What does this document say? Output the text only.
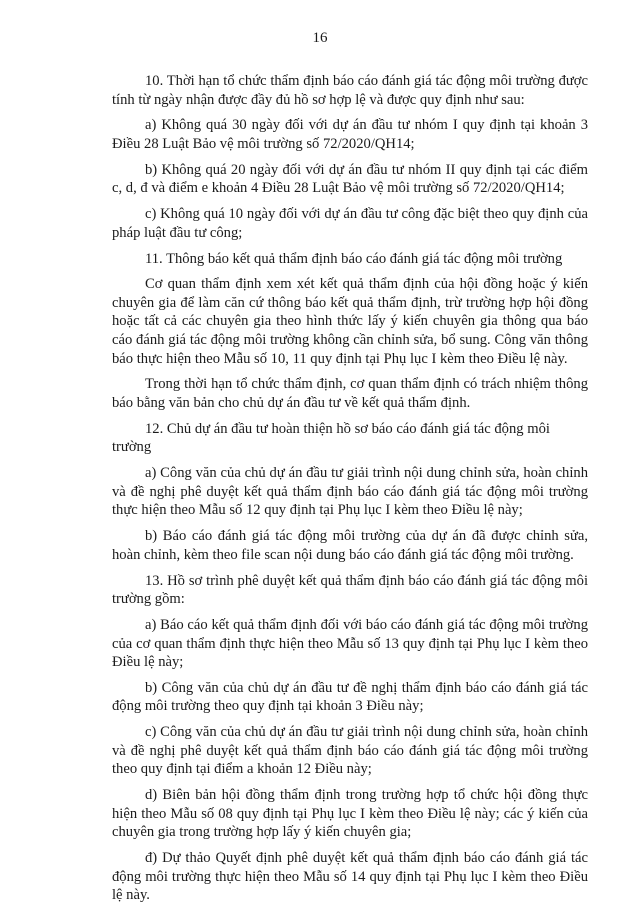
16

10. Thời hạn tổ chức thẩm định báo cáo đánh giá tác động môi trường được tính từ ngày nhận được đầy đủ hồ sơ hợp lệ và được quy định như sau:

a) Không quá 30 ngày đối với dự án đầu tư nhóm I quy định tại khoản 3 Điều 28 Luật Bảo vệ môi trường số 72/2020/QH14;

b) Không quá 20 ngày đối với dự án đầu tư nhóm II quy định tại các điểm c, d, đ và điểm e khoản 4 Điều 28 Luật Bảo vệ môi trường số 72/2020/QH14;

c) Không quá 10 ngày đối với dự án đầu tư công đặc biệt theo quy định của pháp luật đầu tư công;

11. Thông báo kết quả thẩm định báo cáo đánh giá tác động môi trường

Cơ quan thẩm định xem xét kết quả thẩm định của hội đồng hoặc ý kiến chuyên gia để làm căn cứ thông báo kết quả thẩm định, trừ trường hợp hội đồng hoặc tất cả các chuyên gia theo hình thức lấy ý kiến chuyên gia thông qua báo cáo đánh giá tác động môi trường không cần chỉnh sửa, bổ sung. Công văn thông báo thực hiện theo Mẫu số 10, 11 quy định tại Phụ lục I kèm theo Điều lệ này.

Trong thời hạn tổ chức thẩm định, cơ quan thẩm định có trách nhiệm thông báo bằng văn bản cho chủ dự án đầu tư về kết quả thẩm định.

12. Chủ dự án đầu tư hoàn thiện hồ sơ báo cáo đánh giá tác động môi trường

a) Công văn của chủ dự án đầu tư giải trình nội dung chỉnh sửa, hoàn chỉnh và đề nghị phê duyệt kết quả thẩm định báo cáo đánh giá tác động môi trường thực hiện theo Mẫu số 12 quy định tại Phụ lục I kèm theo Điều lệ này;

b) Báo cáo đánh giá tác động môi trường của dự án đã được chỉnh sửa, hoàn chỉnh, kèm theo file scan nội dung báo cáo đánh giá tác động môi trường.

13. Hồ sơ trình phê duyệt kết quả thẩm định báo cáo đánh giá tác động môi trường gồm:

a) Báo cáo kết quả thẩm định đối với báo cáo đánh giá tác động môi trường của cơ quan thẩm định thực hiện theo Mẫu số 13 quy định tại Phụ lục I kèm theo Điều lệ này;

b) Công văn của chủ dự án đầu tư đề nghị thẩm định báo cáo đánh giá tác động môi trường theo quy định tại khoản 3 Điều này;

c) Công văn của chủ dự án đầu tư giải trình nội dung chỉnh sửa, hoàn chỉnh và đề nghị phê duyệt kết quả thẩm định báo cáo đánh giá tác động môi trường theo quy định tại điểm a khoản 12 Điều này;

d) Biên bản hội đồng thẩm định trong trường hợp tổ chức hội đồng thực hiện theo Mẫu số 08 quy định tại Phụ lục I kèm theo Điều lệ này; các ý kiến của chuyên gia trong trường hợp lấy ý kiến chuyên gia;

đ) Dự thảo Quyết định phê duyệt kết quả thẩm định báo cáo đánh giá tác động môi trường thực hiện theo Mẫu số 14 quy định tại Phụ lục I kèm theo Điều lệ này.
